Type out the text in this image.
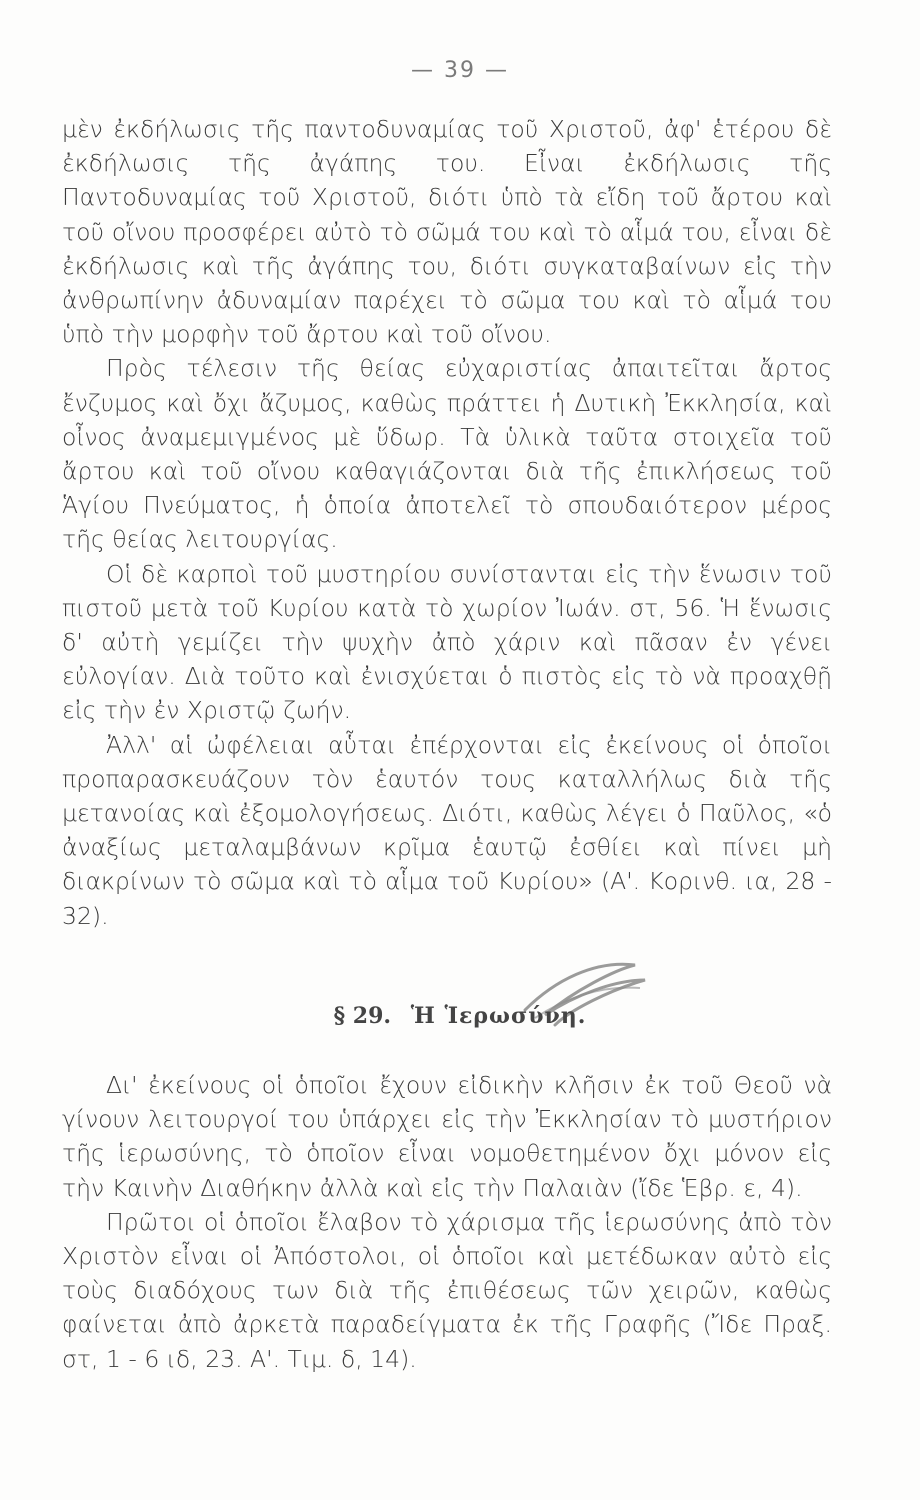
— 39 —

μὲν ἐκδήλωσις τῆς παντοδυναμίας τοῦ Χριστοῦ, ἀφ' ἑτέρου δὲ ἐκδήλωσις τῆς ἀγάπης του. Εἶναι ἐκδήλωσις τῆς Παντοδυναμίας τοῦ Χριστοῦ, διότι ὑπὸ τὰ εἴδη τοῦ ἄρτου καὶ τοῦ οἴνου προσφέρει αὐτὸ τὸ σῶμά του καὶ τὸ αἷμά του, εἶναι δὲ ἐκδήλωσις καὶ τῆς ἀγάπης του, διότι συγκαταβαίνων εἰς τὴν ἀνθρωπίνην ἀδυναμίαν παρέχει τὸ σῶμα του καὶ τὸ αἷμά του ὑπὸ τὴν μορφὴν τοῦ ἄρτου καὶ τοῦ οἴνου.

Πρὸς τέλεσιν τῆς θείας εὐχαριστίας ἀπαιτεῖται ἄρτος ἔνζυμος καὶ ὄχι ἄζυμος, καθὼς πράττει ἡ Δυτικὴ Ἐκκλησία, καὶ οἶνος ἀναμεμιγμένος μὲ ὕδωρ. Τὰ ὑλικὰ ταῦτα στοιχεῖα τοῦ ἄρτου καὶ τοῦ οἴνου καθαγιάζονται διὰ τῆς ἐπικλήσεως τοῦ Ἁγίου Πνεύματος, ἡ ὁποία ἀποτελεῖ τὸ σπουδαιότερον μέρος τῆς θείας λειτουργίας.

Οἱ δὲ καρποὶ τοῦ μυστηρίου συνίστανται εἰς τὴν ἕνωσιν τοῦ πιστοῦ μετὰ τοῦ Κυρίου κατὰ τὸ χωρίον Ἰωάν. στ, 56. Ἡ ἕνωσις δ' αὐτὴ γεμίζει τὴν ψυχὴν ἀπὸ χάριν καὶ πᾶσαν ἐν γένει εὐλογίαν. Διὰ τοῦτο καὶ ἐνισχύεται ὁ πιστὸς εἰς τὸ νὰ προαχθῇ εἰς τὴν ἐν Χριστῷ ζωήν.

Ἀλλ' αἱ ὠφέλειαι αὗται ἐπέρχονται εἰς ἐκείνους οἱ ὁποῖοι προπαρασκευάζουν τὸν ἑαυτόν τους καταλλήλως διὰ τῆς μετανοίας καὶ ἐξομολογήσεως. Διότι, καθὼς λέγει ὁ Παῦλος, «ὁ ἀναξίως μεταλαμβάνων κρῖμα ἑαυτῷ ἐσθίει καὶ πίνει μὴ διακρίνων τὸ σῶμα καὶ τὸ αἷμα τοῦ Κυρίου» (Α'. Κορινθ. ια, 28 - 32).

§ 29. Ἡ Ἱερωσύνη.

Δι' ἐκείνους οἱ ὁποῖοι ἔχουν εἰδικὴν κλῆσιν ἐκ τοῦ Θεοῦ νὰ γίνουν λειτουργοί του ὑπάρχει εἰς τὴν Ἐκκλησίαν τὸ μυστήριον τῆς ἱερωσύνης, τὸ ὁποῖον εἶναι νομοθετημένον ὄχι μόνον εἰς τὴν Καινὴν Διαθήκην ἀλλὰ καὶ εἰς τὴν Παλαιὰν (ἴδε Ἑβρ. ε, 4).

Πρῶτοι οἱ ὁποῖοι ἔλαβον τὸ χάρισμα τῆς ἱερωσύνης ἀπὸ τὸν Χριστὸν εἶναι οἱ Ἀπόστολοι, οἱ ὁποῖοι καὶ μετέδωκαν αὐτὸ εἰς τοὺς διαδόχους των διὰ τῆς ἐπιθέσεως τῶν χειρῶν, καθὼς φαίνεται ἀπὸ ἀρκετὰ παραδείγματα ἐκ τῆς Γραφῆς (Ἴδε Πραξ. στ, 1 - 6 ιδ, 23. Α'. Τιμ. δ, 14).
